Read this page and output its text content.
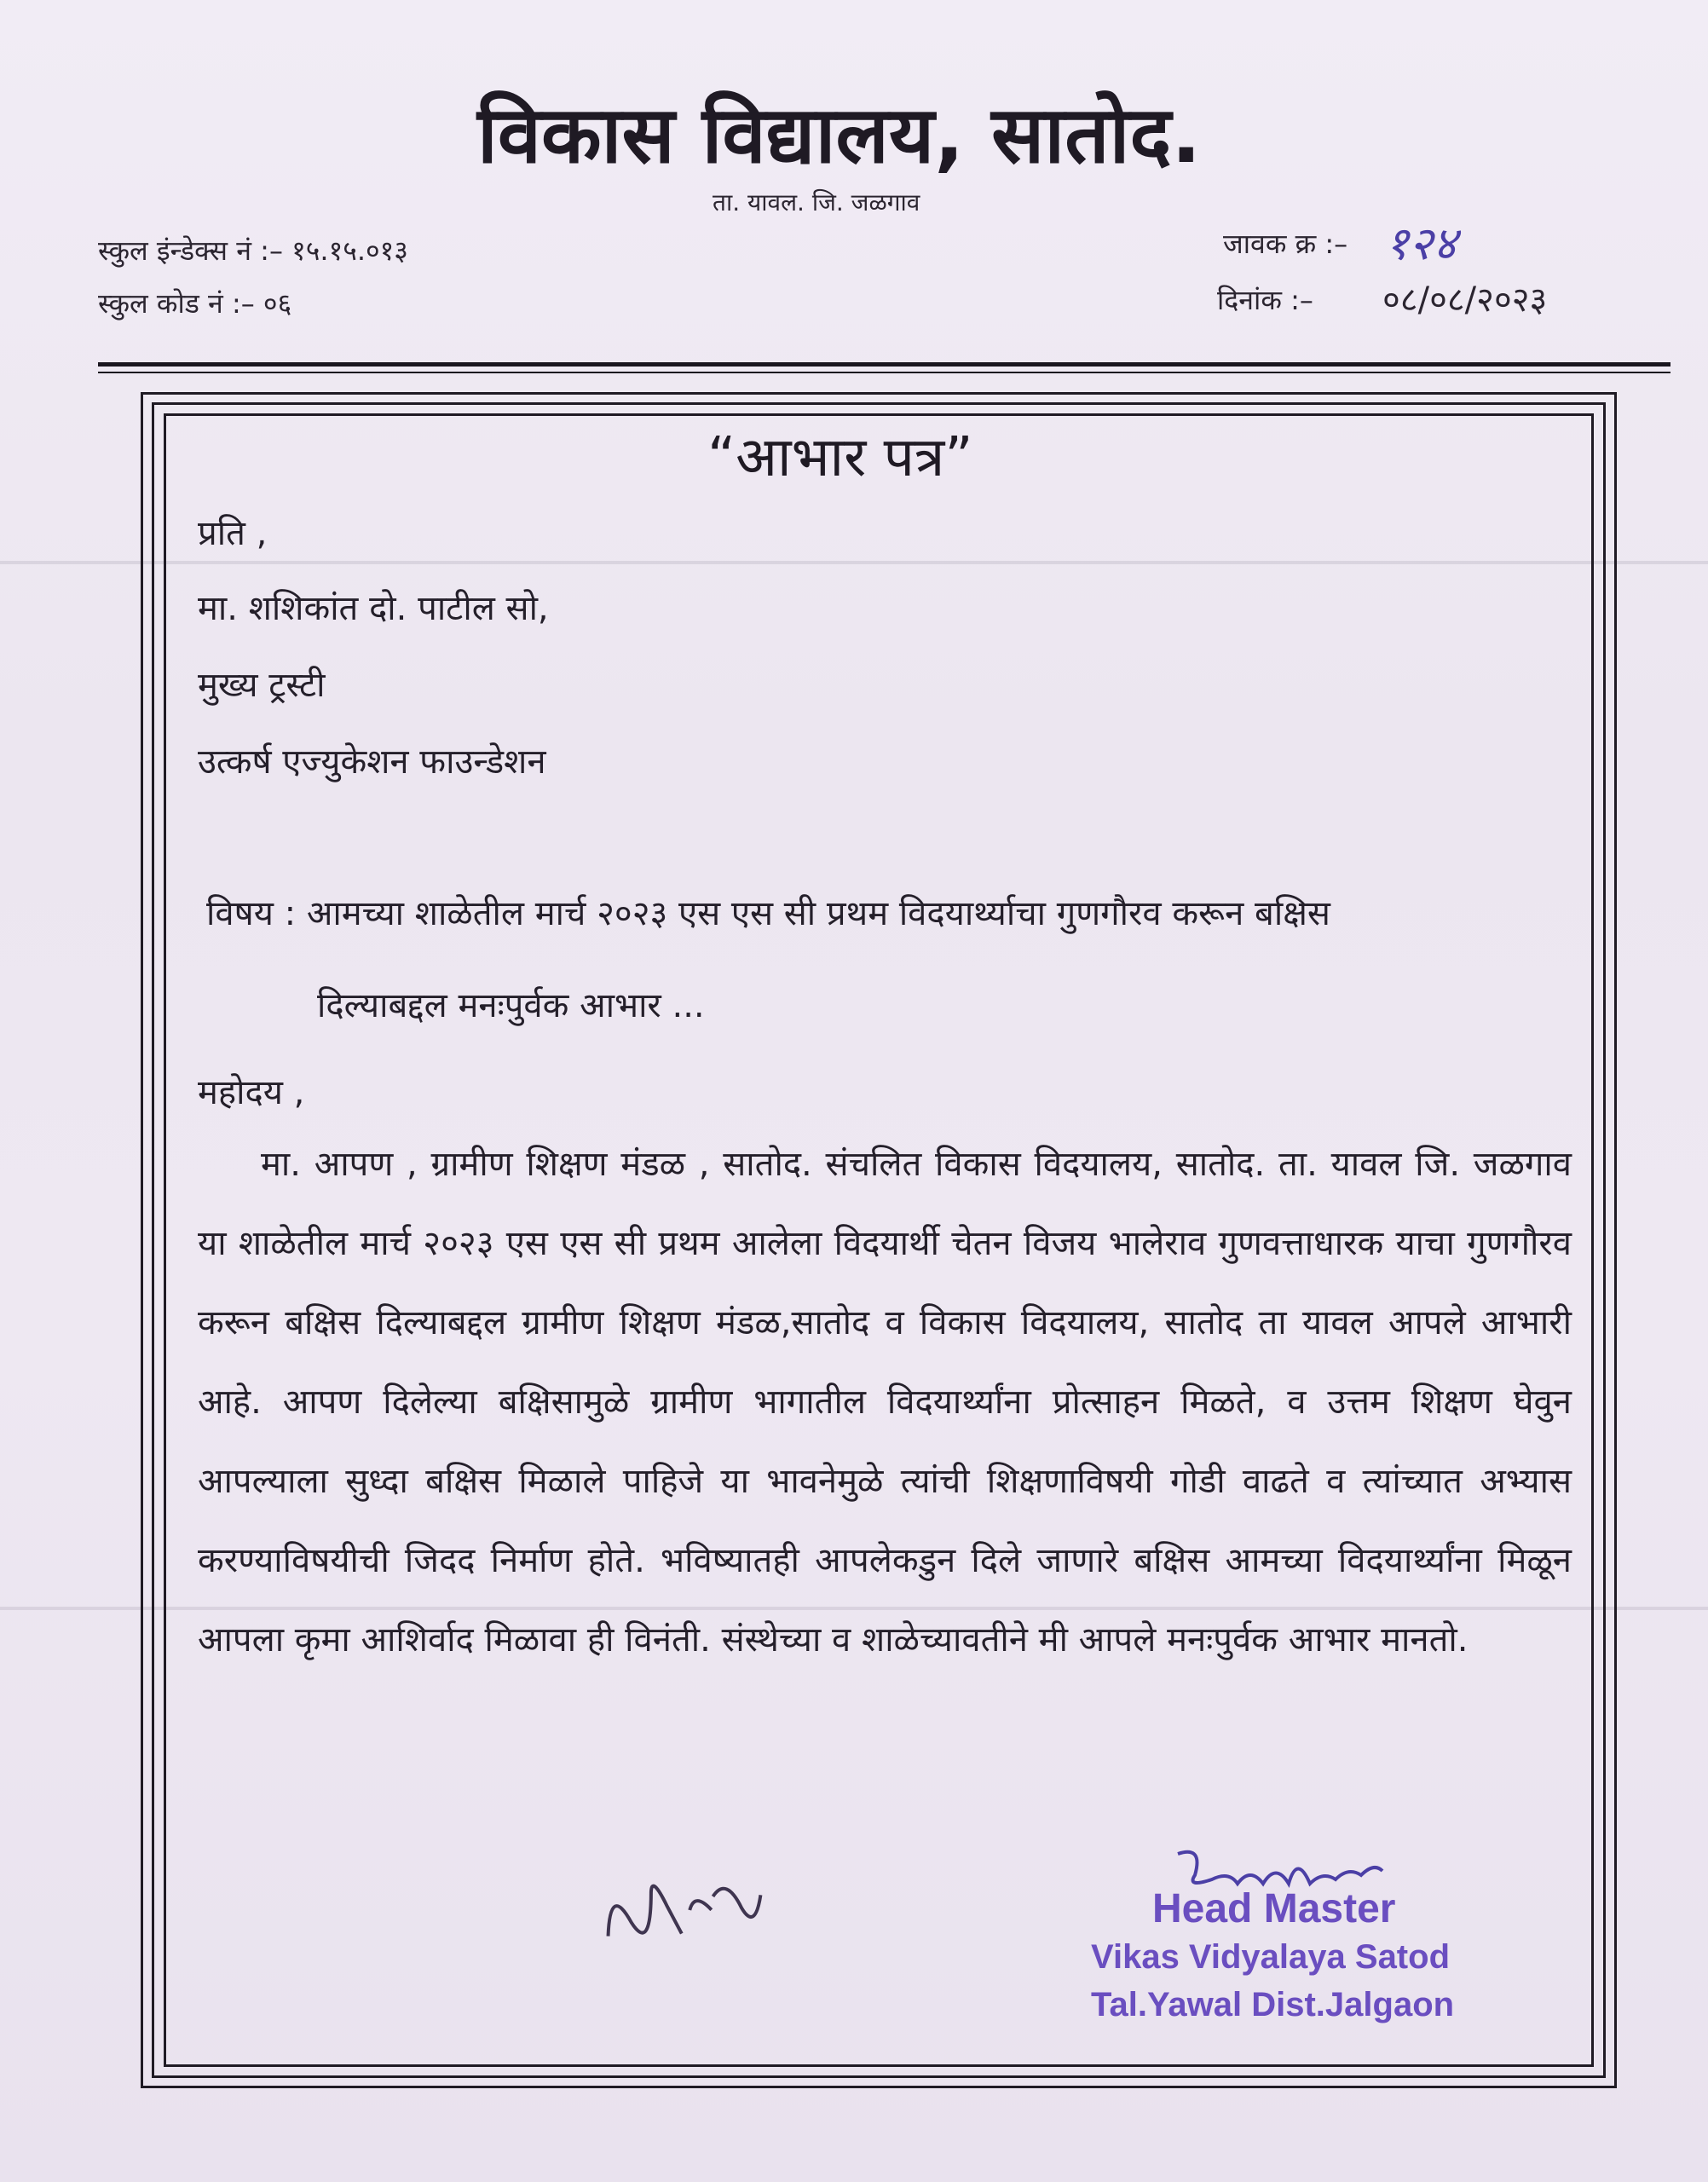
विकास विद्यालय, सातोद.
ता. यावल. जि. जळगाव
स्कुल इंन्डेक्स नं :– १५.१५.०१३
स्कुल कोड नं :– ०६
जावक क्र :– १२४
दिनांक :– ०८/०८/२०२३
“आभार पत्र”
प्रति ,
मा. शशिकांत दो. पाटील सो,
मुख्य ट्रस्टी
उत्कर्ष एज्युकेशन फाउन्डेशन
विषय : आमच्या शाळेतील मार्च २०२३ एस एस सी प्रथम विदयार्थ्याचा गुणगौरव करून बक्षिस
दिल्याबद्दल मनःपुर्वक आभार ...
महोदय ,
मा. आपण , ग्रामीण शिक्षण मंडळ , सातोद. संचलित विकास विदयालय, सातोद. ता. यावल जि. जळगाव या शाळेतील मार्च २०२३ एस एस सी प्रथम आलेला विदयार्थी चेतन विजय भालेराव गुणवत्ताधारक याचा गुणगौरव करून बक्षिस दिल्याबद्दल ग्रामीण शिक्षण मंडळ,सातोद व विकास विदयालय, सातोद ता यावल आपले आभारी आहे. आपण दिलेल्या बक्षिसामुळे ग्रामीण भागातील विदयार्थ्यांना प्रोत्साहन मिळते, व उत्तम शिक्षण घेवुन आपल्याला सुध्दा बक्षिस मिळाले पाहिजे या भावनेमुळे त्यांची शिक्षणाविषयी गोडी वाढते व त्यांच्यात अभ्यास करण्याविषयीची जिदद निर्माण होते. भविष्यातही आपलेकडुन दिले जाणारे बक्षिस आमच्या विदयार्थ्यांना मिळून आपला कृमा आशिर्वाद मिळावा ही विनंती. संस्थेच्या व शाळेच्यावतीने मी आपले मनःपुर्वक आभार मानतो.
Head Master
Vikas Vidyalaya Satod
Tal.Yawal Dist.Jalgaon
